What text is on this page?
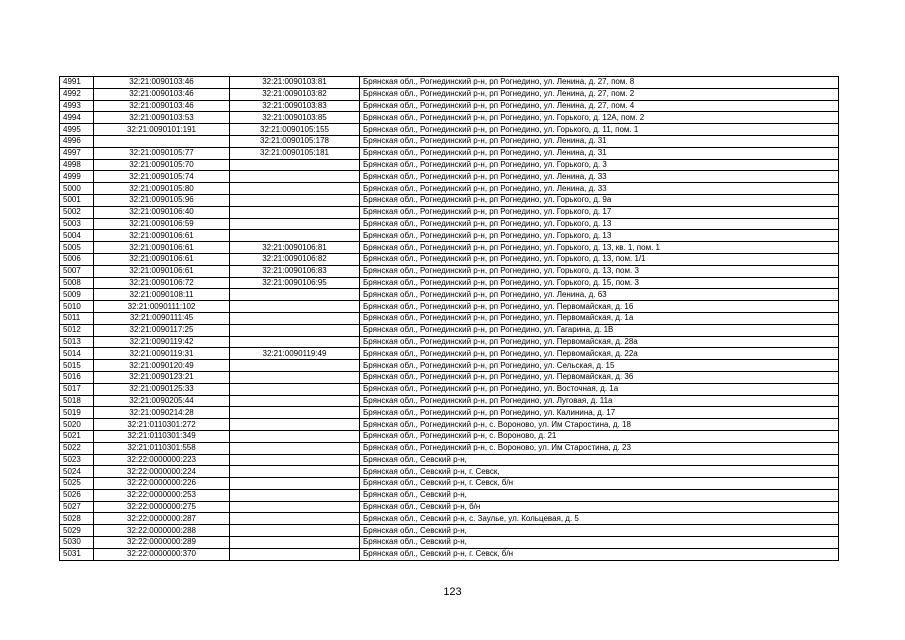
4991	32:21:0090103:46	32:21:0090103:81	Брянская обл., Рогнединский р-н, рп Рогнедино, ул. Ленина, д. 27, пом. 8
4992	32:21:0090103:46	32:21:0090103:82	Брянская обл., Рогнединский р-н, рп Рогнедино, ул. Ленина, д. 27, пом. 2
4993	32:21:0090103:46	32:21:0090103:83	Брянская обл., Рогнединский р-н, рп Рогнедино, ул. Ленина, д. 27, пом. 4
4994	32:21:0090103:53	32:21:0090103:85	Брянская обл., Рогнединский р-н, рп Рогнедино, ул. Горького, д. 12А, пом. 2
4995	32:21:0090101:191	32:21:0090105:155	Брянская обл., Рогнединский р-н, рп Рогнедино, ул. Горького, д. 11, пом. 1
4996		32:21:0090105:178	Брянская обл., Рогнединский р-н, рп Рогнедино, ул. Ленина, д. 31
4997	32:21:0090105:77	32:21:0090105:181	Брянская обл., Рогнединский р-н, рп Рогнедино, ул. Ленина, д. 31
4998	32:21:0090105:70		Брянская обл., Рогнединский р-н, рп Рогнедино, ул. Горького, д. 3
4999	32:21:0090105:74		Брянская обл., Рогнединский р-н, рп Рогнедино, ул. Ленина, д. 33
5000	32:21:0090105:80		Брянская обл., Рогнединский р-н, рп Рогнедино, ул. Ленина, д. 33
5001	32:21:0090105:96		Брянская обл., Рогнединский р-н, рп Рогнедино, ул. Горького, д. 9а
5002	32:21:0090106:40		Брянская обл., Рогнединский р-н, рп Рогнедино, ул. Горького, д. 17
5003	32:21:0090106:59		Брянская обл., Рогнединский р-н, рп Рогнедино, ул. Горького, д. 13
5004	32:21:0090106:61		Брянская обл., Рогнединский р-н, рп Рогнедино, ул. Горького, д. 13
5005	32:21:0090106:61	32:21:0090106:81	Брянская обл., Рогнединский р-н, рп Рогнедино, ул. Горького, д. 13, кв. 1, пом. 1
5006	32:21:0090106:61	32:21:0090106:82	Брянская обл., Рогнединский р-н, рп Рогнедино, ул. Горького, д. 13, пом. 1/1
5007	32:21:0090106:61	32:21:0090106:83	Брянская обл., Рогнединский р-н, рп Рогнедино, ул. Горького, д. 13, пом. 3
5008	32:21:0090106:72	32:21:0090106:95	Брянская обл., Рогнединский р-н, рп Рогнедино, ул. Горького, д. 15, пом. 3
5009	32:21:0090108:11		Брянская обл., Рогнединский р-н, рп Рогнедино, ул. Ленина, д. 63
5010	32:21:0090111:102		Брянская обл., Рогнединский р-н, рп Рогнедино, ул. Первомайская, д. 16
5011	32:21:0090111:45		Брянская обл., Рогнединский р-н, рп Рогнедино, ул. Первомайская, д. 1а
5012	32:21:0090117:25		Брянская обл., Рогнединский р-н, рп Рогнедино, ул. Гагарина, д. 1В
5013	32:21:0090119:42		Брянская обл., Рогнединский р-н, рп Рогнедино, ул. Первомайская, д. 28а
5014	32:21:0090119:31	32:21:0090119:49	Брянская обл., Рогнединский р-н, рп Рогнедино, ул. Первомайская, д. 22а
5015	32:21:0090120:49		Брянская обл., Рогнединский р-н, рп Рогнедино, ул. Сельская, д. 15
5016	32:21:0090123:21		Брянская обл., Рогнединский р-н, рп Рогнедино, ул. Первомайская, д. 36
5017	32:21:0090125:33		Брянская обл., Рогнединский р-н, рп Рогнедино, ул. Восточная, д. 1а
5018	32:21:0090205:44		Брянская обл., Рогнединский р-н, рп Рогнедино, ул. Луговая, д. 11а
5019	32:21:0090214:28		Брянская обл., Рогнединский р-н, рп Рогнедино, ул. Калинина, д. 17
5020	32:21:0110301:272		Брянская обл., Рогнединский р-н, с. Вороново, ул. Им Старостина, д. 18
5021	32:21:0110301:349		Брянская обл., Рогнединский р-н, с. Вороново, д. 21
5022	32:21:0110301:558		Брянская обл., Рогнединский р-н, с. Вороново, ул. Им Старостина, д. 23
5023	32:22:0000000:223		Брянская обл., Севский р-н,
5024	32:22:0000000:224		Брянская обл., Севский р-н, г. Севск,
5025	32:22:0000000:226		Брянская обл., Севский р-н, г. Севск, б/н
5026	32:22:0000000:253		Брянская обл., Севский р-н,
5027	32:22:0000000:275		Брянская обл., Севский р-н, б/н
5028	32:22:0000000:287		Брянская обл., Севский р-н, с. Заулье, ул. Кольцевая, д. 5
5029	32:22:0000000:288		Брянская обл., Севский р-н,
5030	32:22:0000000:289		Брянская обл., Севский р-н,
5031	32:22:0000000:370		Брянская обл., Севский р-н, г. Севск, б/н
123
